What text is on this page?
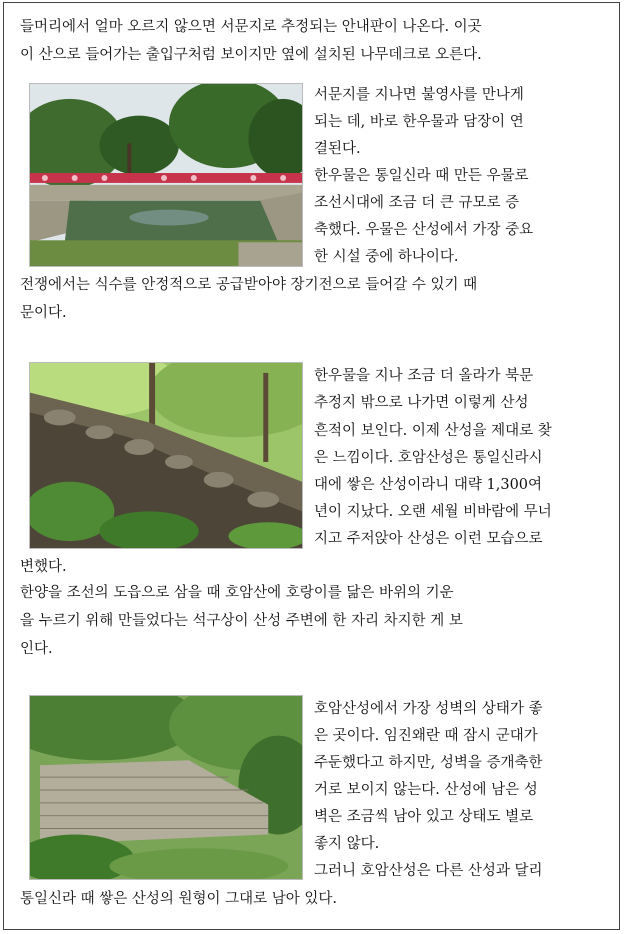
들머리에서 얼마 오르지 않으면 서문지로 추정되는 안내판이 나온다. 이곳
이 산으로 들어가는 출입구처럼 보이지만 옆에 설치된 나무데크로 오른다.
서문지를 지나면 불영사를 만나게
되는 데, 바로 한우물과 담장이 연
결된다.
한우물은 통일신라 때 만든 우물로
조선시대에 조금 더 큰 규모로 증
축했다. 우물은 산성에서 가장 중요
한 시설 중에 하나이다.
전쟁에서는 식수를 안정적으로 공급받아야 장기전으로 들어갈 수 있기 때
문이다.
한우물을 지나 조금 더 올라가 북문
추정지 밖으로 나가면 이렇게 산성
흔적이 보인다. 이제 산성을 제대로 찾
은 느낌이다. 호암산성은 통일신라시
대에 쌓은 산성이라니 대략 1,300여
년이 지났다. 오랜 세월 비바람에 무너
지고 주저앉아 산성은 이런 모습으로
변했다.
한양을 조선의 도읍으로 삼을 때 호암산에 호랑이를 닮은 바위의 기운
을 누르기 위해 만들었다는 석구상이 산성 주변에 한 자리 차지한 게 보
인다.
호암산성에서 가장 성벽의 상태가 좋
은 곳이다. 임진왜란 때 잠시 군대가
주둔했다고 하지만, 성벽을 증개축한
거로 보이지 않는다. 산성에 남은 성
벽은 조금씩 남아 있고 상태도 별로
좋지 않다.
그러니 호암산성은 다른 산성과 달리
통일신라 때 쌓은 산성의 원형이 그대로 남아 있다.
